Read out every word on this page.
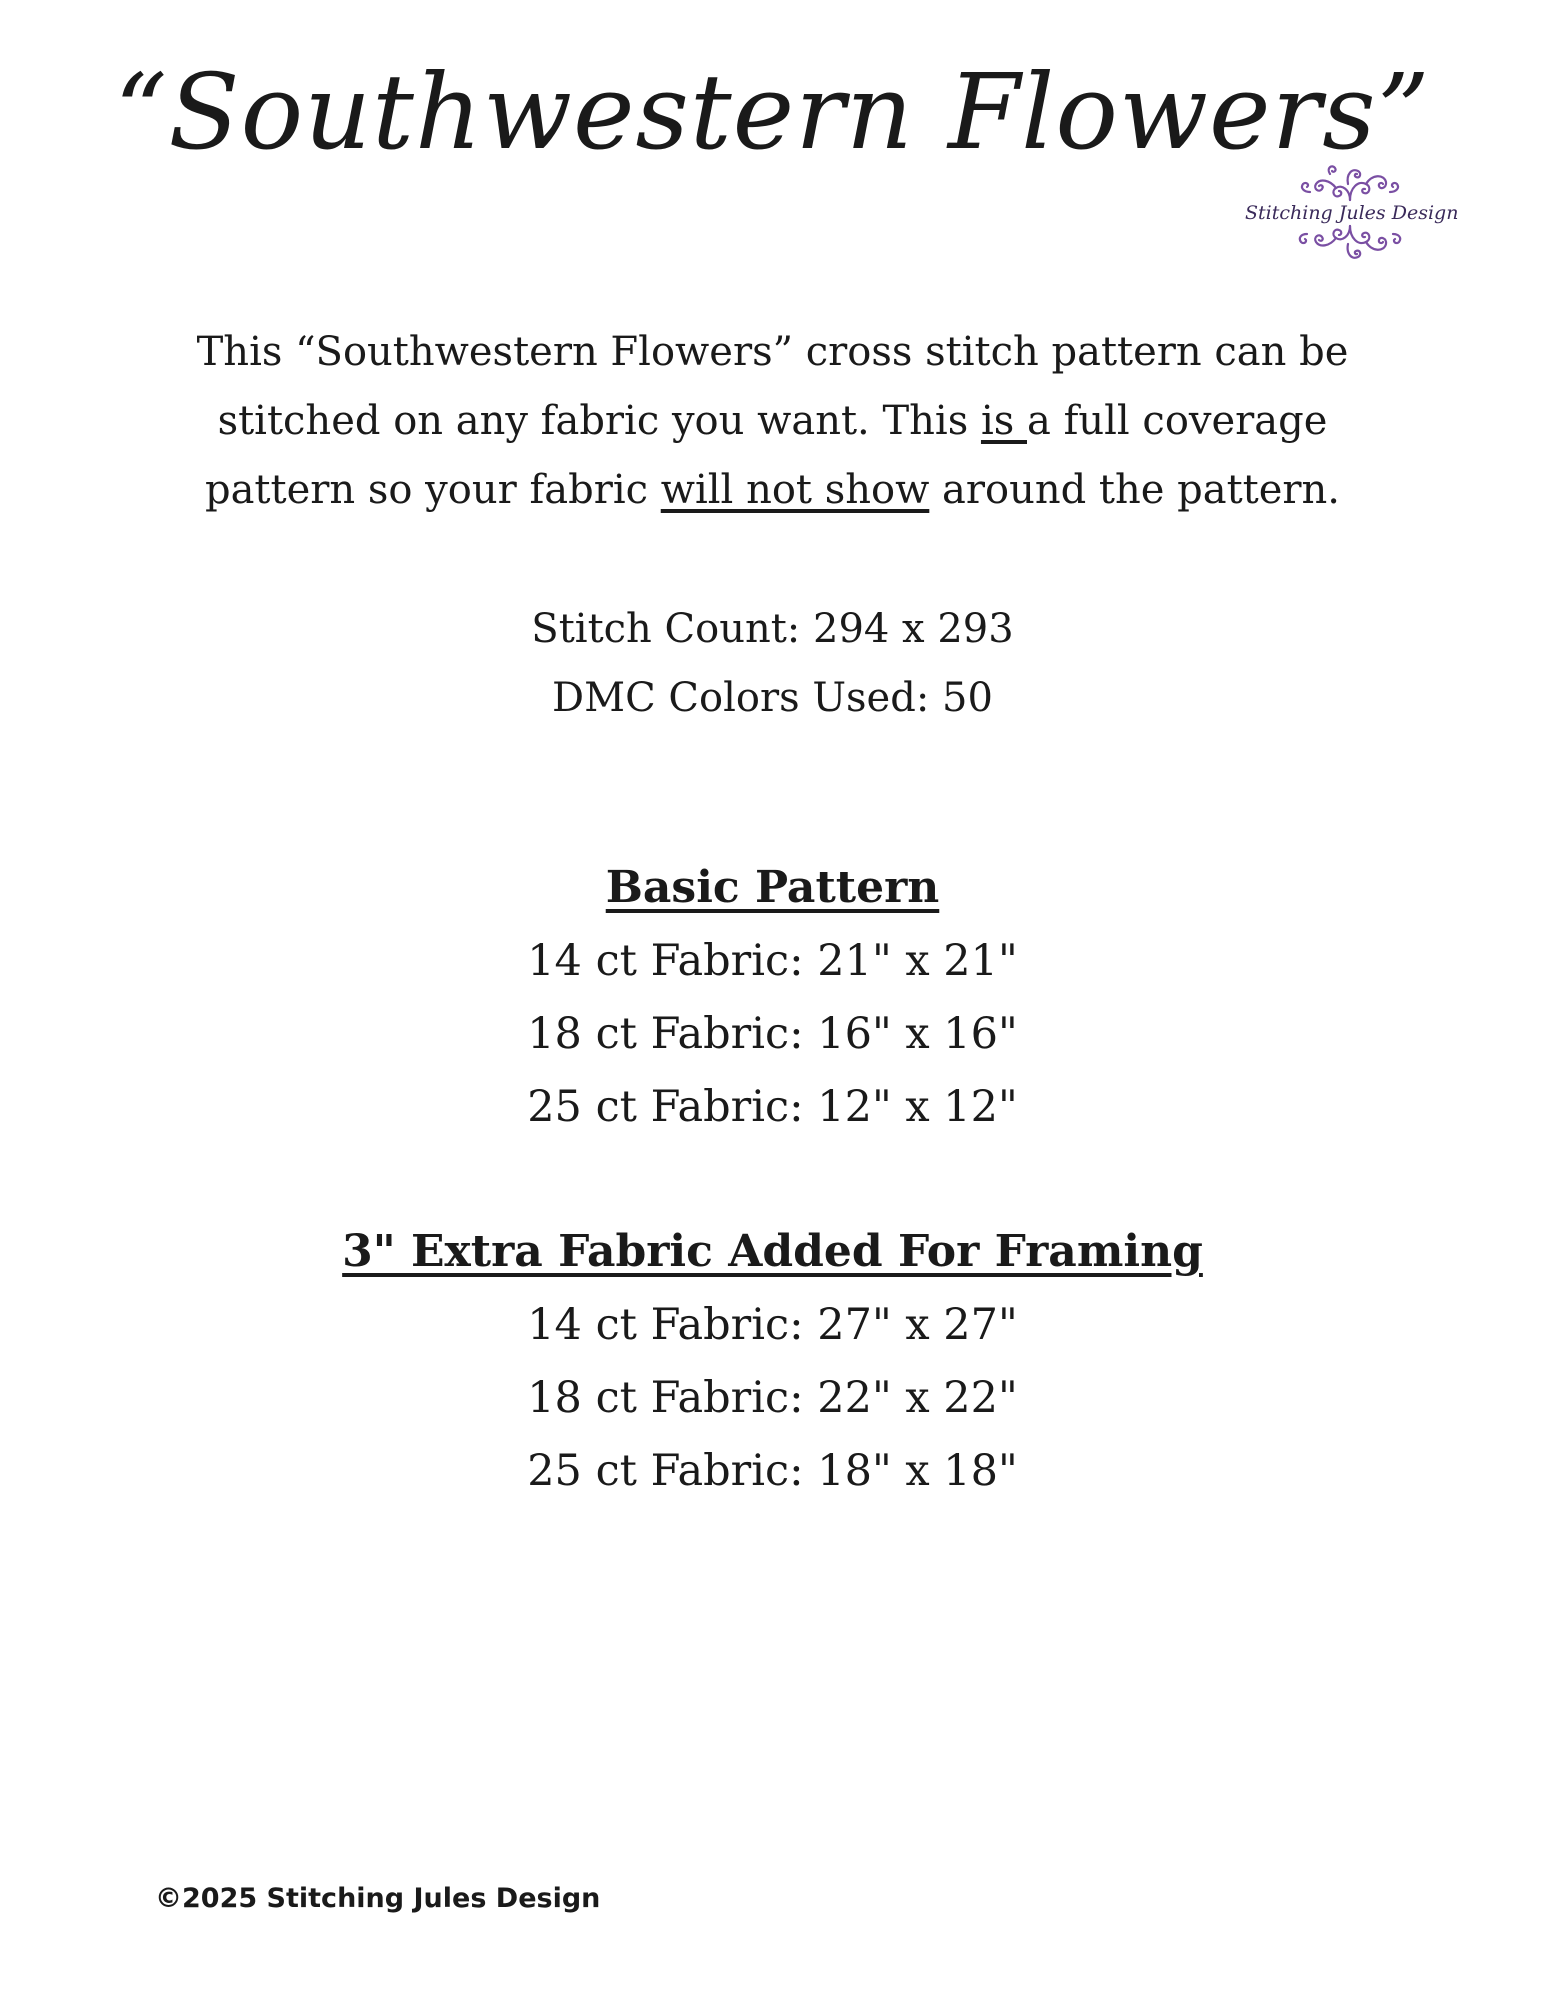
“Southwestern Flowers”
Stitching Jules Design
This “Southwestern Flowers” cross stitch pattern can be
stitched on any fabric you want. This is a full coverage
pattern so your fabric will not show around the pattern.

Stitch Count: 294 x 293

DMC Colors Used: 50

Basic Pattern

14 ct Fabric: 21" x 21"

18 ct Fabric: 16" x 16"

25 ct Fabric: 12" x 12"

3" Extra Fabric Added For Framing

14 ct Fabric: 27" x 27"

18 ct Fabric: 22" x 22"

25 ct Fabric: 18" x 18"

©2025 Stitching Jules Design
